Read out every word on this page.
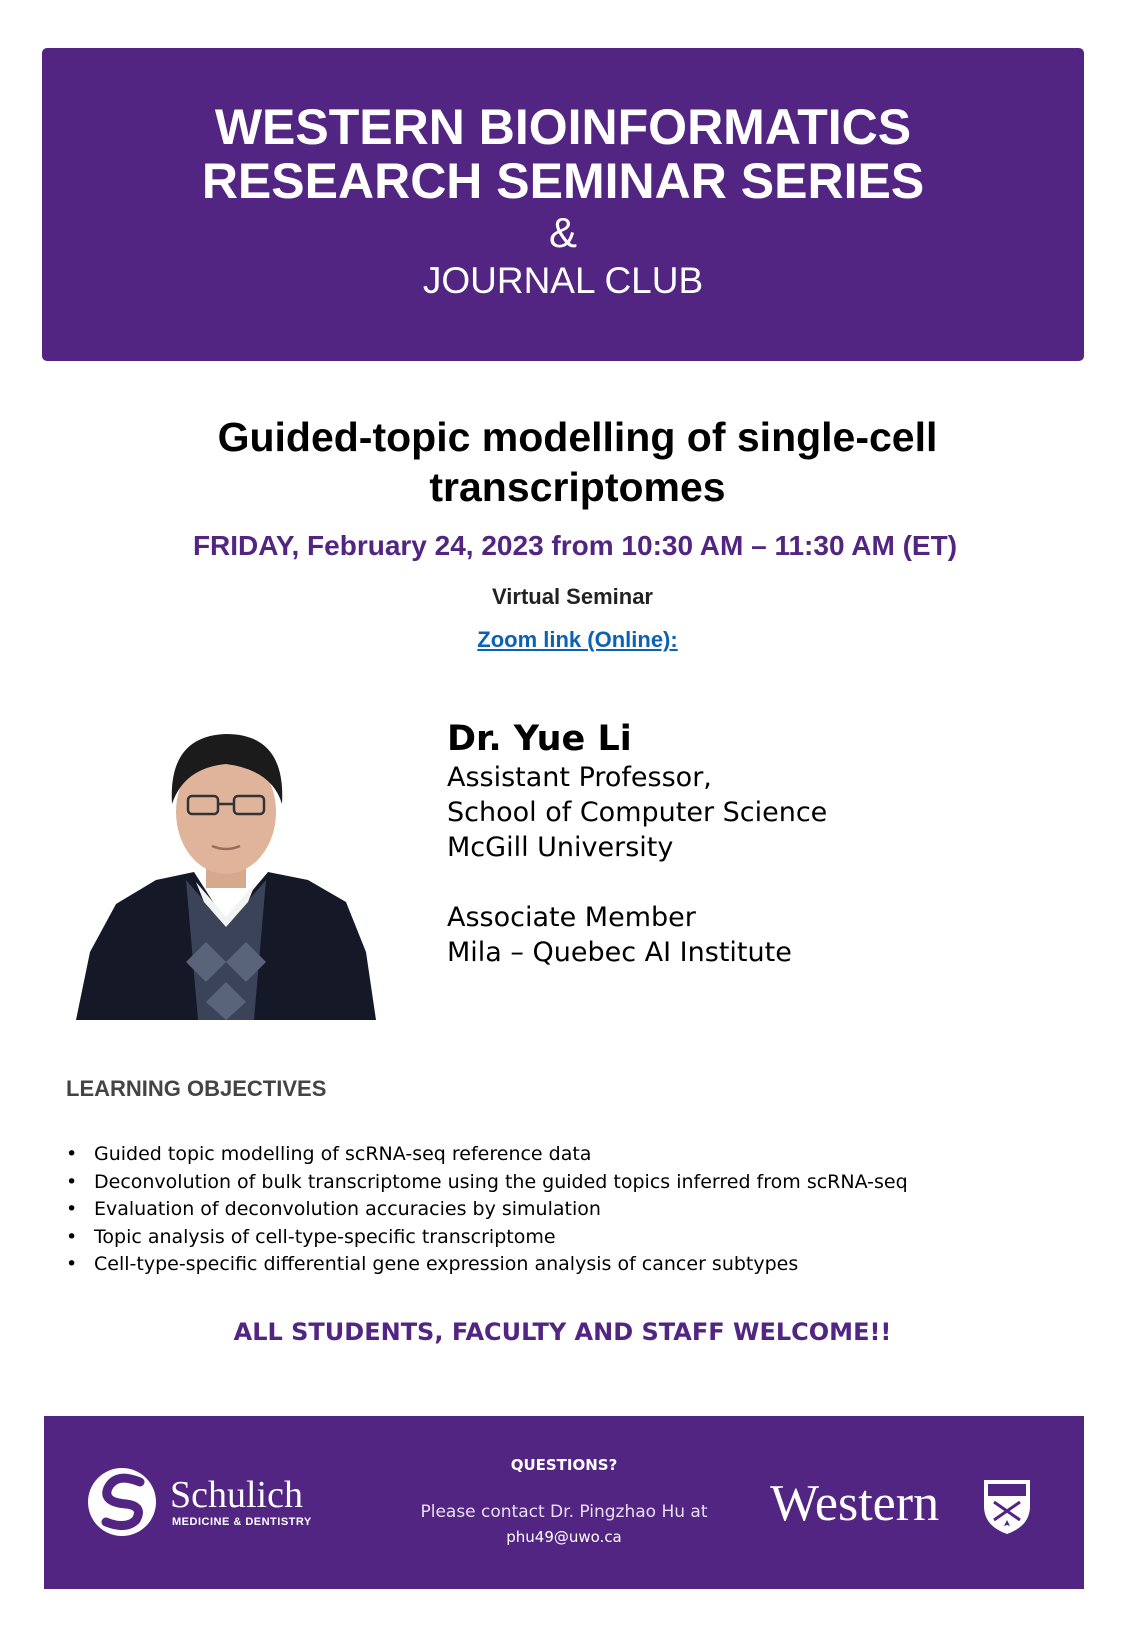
WESTERN BIOINFORMATICS
RESEARCH SEMINAR SERIES
&
JOURNAL CLUB
Guided-topic modelling of single-cell
transcriptomes
FRIDAY, February 24, 2023 from 10:30 AM – 11:30 AM (ET)
Virtual Seminar
Zoom link (Online):
Dr. Yue Li
Assistant Professor,
School of Computer Science
McGill University
Associate Member
Mila – Quebec AI Institute
LEARNING OBJECTIVES
• Guided topic modelling of scRNA-seq reference data
• Deconvolution of bulk transcriptome using the guided topics inferred from scRNA-seq
• Evaluation of deconvolution accuracies by simulation
• Topic analysis of cell-type-specific transcriptome
• Cell-type-specific differential gene expression analysis of cancer subtypes
ALL STUDENTS, FACULTY AND STAFF WELCOME!!
Schulich
MEDICINE & DENTISTRY
QUESTIONS?
Please contact Dr. Pingzhao Hu at
phu49@uwo.ca
Western
